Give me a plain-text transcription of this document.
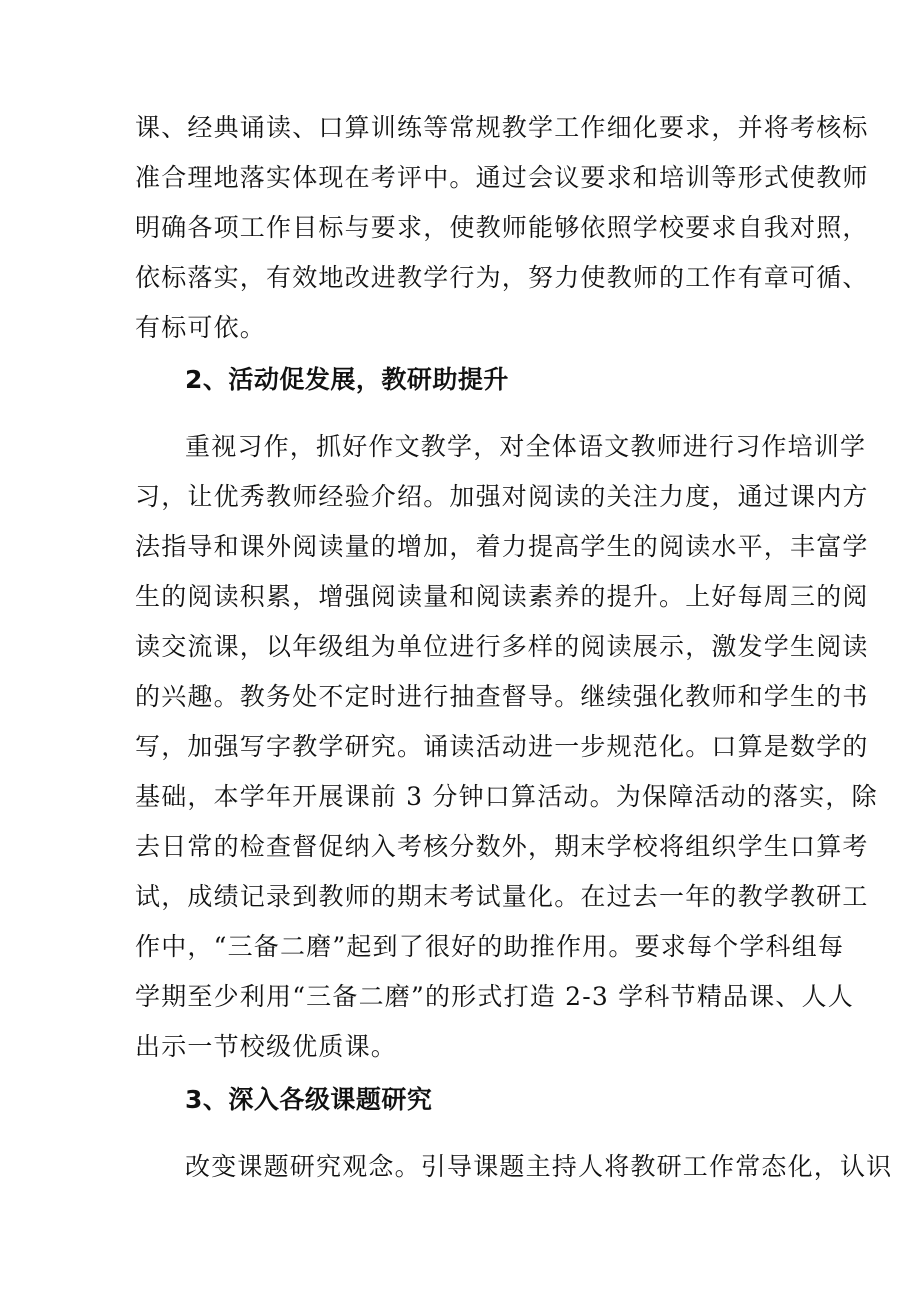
课、经典诵读、口算训练等常规教学工作细化要求，并将考核标
准合理地落实体现在考评中。通过会议要求和培训等形式使教师
明确各项工作目标与要求，使教师能够依照学校要求自我对照，
依标落实，有效地改进教学行为，努力使教师的工作有章可循、
有标可依。
2、活动促发展，教研助提升
重视习作，抓好作文教学，对全体语文教师进行习作培训学
习，让优秀教师经验介绍。加强对阅读的关注力度，通过课内方
法指导和课外阅读量的增加，着力提高学生的阅读水平，丰富学
生的阅读积累，增强阅读量和阅读素养的提升。上好每周三的阅
读交流课，以年级组为单位进行多样的阅读展示，激发学生阅读
的兴趣。教务处不定时进行抽查督导。继续强化教师和学生的书
写，加强写字教学研究。诵读活动进一步规范化。口算是数学的
基础，本学年开展课前 3 分钟口算活动。为保障活动的落实，除
去日常的检查督促纳入考核分数外，期末学校将组织学生口算考
试，成绩记录到教师的期末考试量化。在过去一年的教学教研工
作中，“三备二磨”起到了很好的助推作用。要求每个学科组每
学期至少利用“三备二磨”的形式打造 2-3 学科节精品课、人人
出示一节校级优质课。
3、深入各级课题研究
改变课题研究观念。引导课题主持人将教研工作常态化，认识
